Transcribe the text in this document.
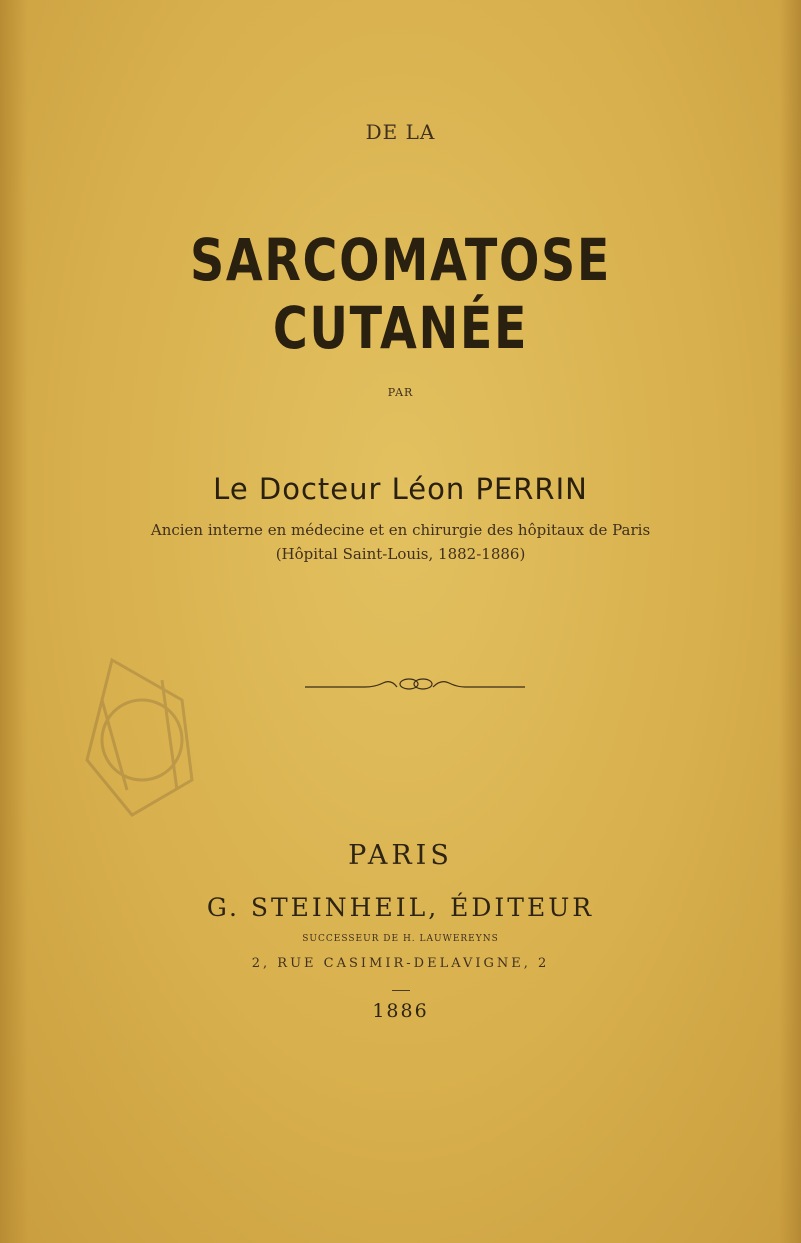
DE LA

SARCOMATOSE CUTANÉE

PAR

Le Docteur Léon PERRIN

Ancien interne en médecine et en chirurgie des hôpitaux de Paris

(Hôpital Saint-Louis, 1882-1886)

PARIS

G. STEINHEIL, ÉDITEUR

SUCCESSEUR DE H. LAUWEREYNS

2, RUE CASIMIR-DELAVIGNE, 2

1886
